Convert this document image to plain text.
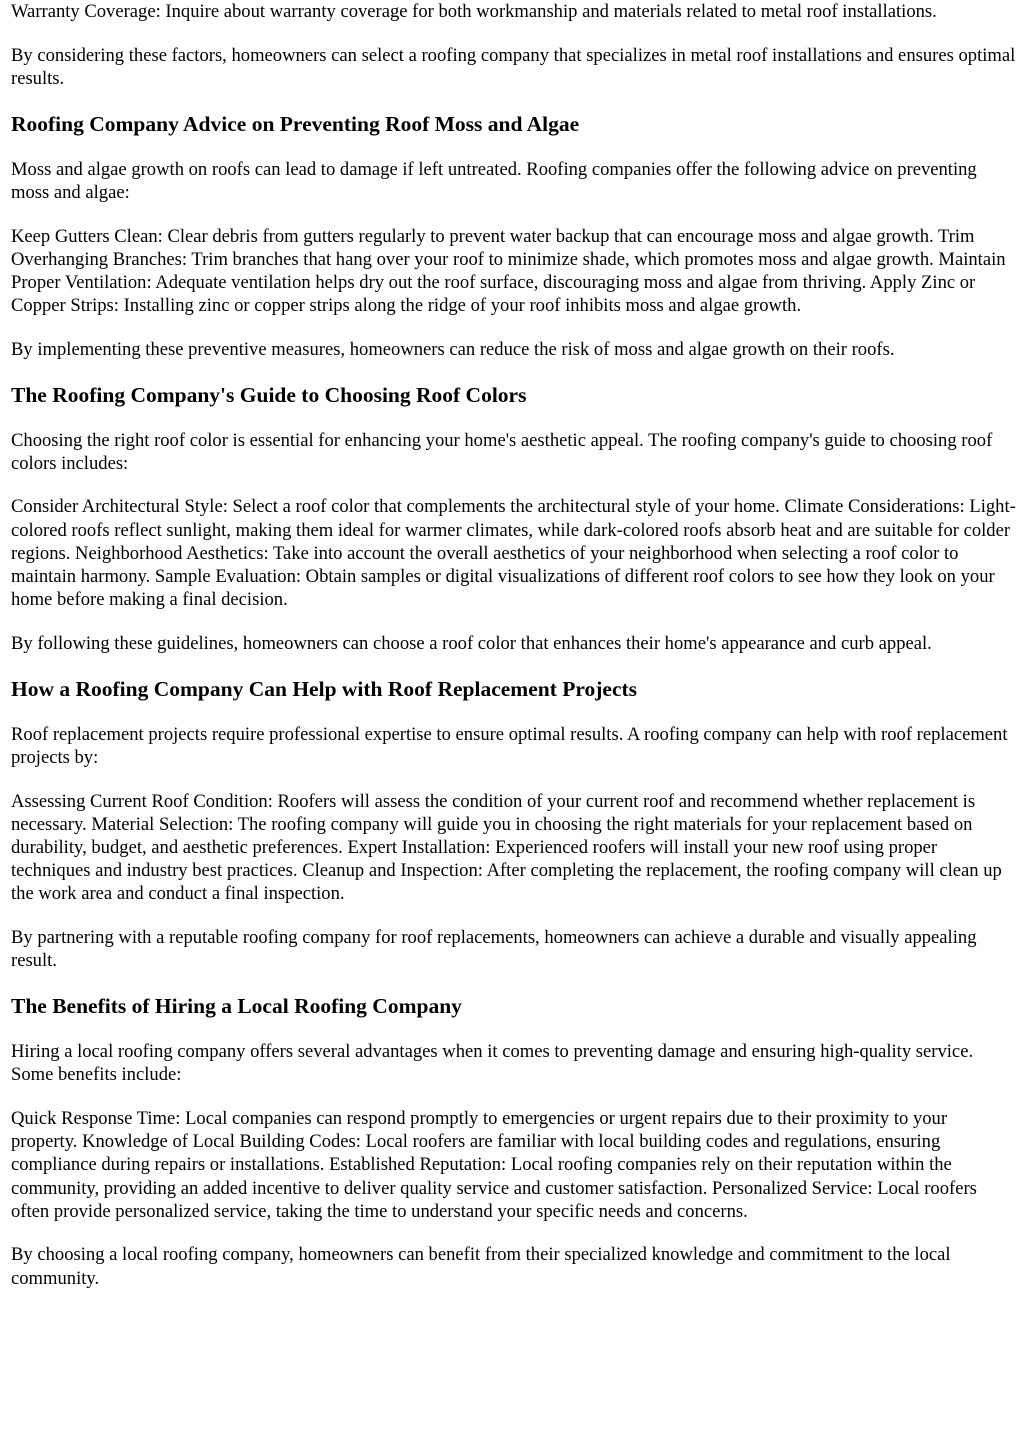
Warranty Coverage: Inquire about warranty coverage for both workmanship and materials related to metal roof installations.

By considering these factors, homeowners can select a roofing company that specializes in metal roof installations and ensures optimal results.

Roofing Company Advice on Preventing Roof Moss and Algae

Moss and algae growth on roofs can lead to damage if left untreated. Roofing companies offer the following advice on preventing moss and algae:

Keep Gutters Clean: Clear debris from gutters regularly to prevent water backup that can encourage moss and algae growth. Trim Overhanging Branches: Trim branches that hang over your roof to minimize shade, which promotes moss and algae growth. Maintain Proper Ventilation: Adequate ventilation helps dry out the roof surface, discouraging moss and algae from thriving. Apply Zinc or Copper Strips: Installing zinc or copper strips along the ridge of your roof inhibits moss and algae growth.

By implementing these preventive measures, homeowners can reduce the risk of moss and algae growth on their roofs.

The Roofing Company's Guide to Choosing Roof Colors

Choosing the right roof color is essential for enhancing your home's aesthetic appeal. The roofing company's guide to choosing roof colors includes:

Consider Architectural Style: Select a roof color that complements the architectural style of your home. Climate Considerations: Light-colored roofs reflect sunlight, making them ideal for warmer climates, while dark-colored roofs absorb heat and are suitable for colder regions. Neighborhood Aesthetics: Take into account the overall aesthetics of your neighborhood when selecting a roof color to maintain harmony. Sample Evaluation: Obtain samples or digital visualizations of different roof colors to see how they look on your home before making a final decision.

By following these guidelines, homeowners can choose a roof color that enhances their home's appearance and curb appeal.

How a Roofing Company Can Help with Roof Replacement Projects

Roof replacement projects require professional expertise to ensure optimal results. A roofing company can help with roof replacement projects by:

Assessing Current Roof Condition: Roofers will assess the condition of your current roof and recommend whether replacement is necessary. Material Selection: The roofing company will guide you in choosing the right materials for your replacement based on durability, budget, and aesthetic preferences. Expert Installation: Experienced roofers will install your new roof using proper techniques and industry best practices. Cleanup and Inspection: After completing the replacement, the roofing company will clean up the work area and conduct a final inspection.

By partnering with a reputable roofing company for roof replacements, homeowners can achieve a durable and visually appealing result.

The Benefits of Hiring a Local Roofing Company

Hiring a local roofing company offers several advantages when it comes to preventing damage and ensuring high-quality service. Some benefits include:

Quick Response Time: Local companies can respond promptly to emergencies or urgent repairs due to their proximity to your property. Knowledge of Local Building Codes: Local roofers are familiar with local building codes and regulations, ensuring compliance during repairs or installations. Established Reputation: Local roofing companies rely on their reputation within the community, providing an added incentive to deliver quality service and customer satisfaction. Personalized Service: Local roofers often provide personalized service, taking the time to understand your specific needs and concerns.

By choosing a local roofing company, homeowners can benefit from their specialized knowledge and commitment to the local community.
